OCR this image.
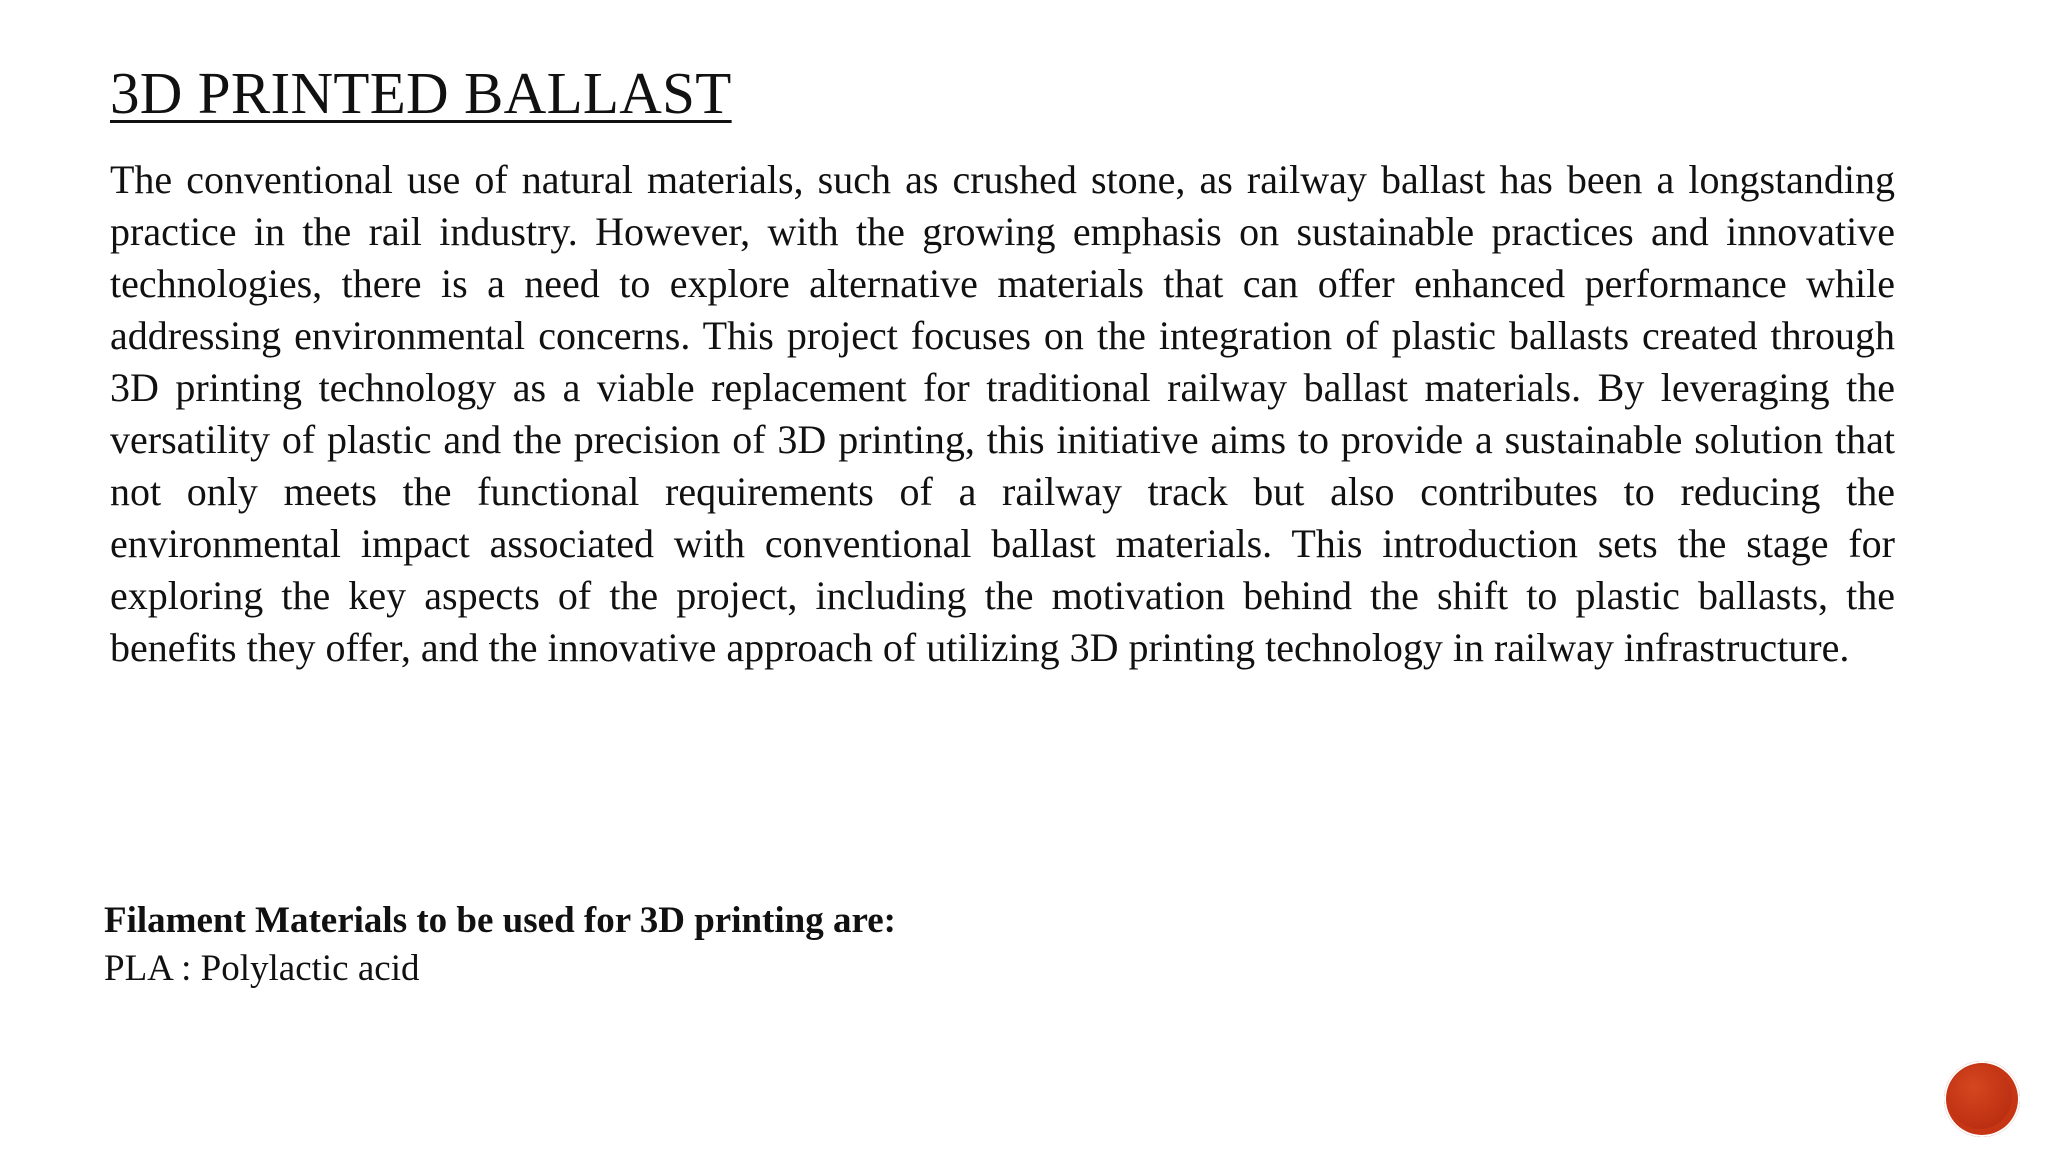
3D PRINTED BALLAST

The conventional use of natural materials, such as crushed stone, as railway ballast has been a longstanding practice in the rail industry. However, with the growing emphasis on sustainable practices and innovative technologies, there is a need to explore alternative materials that can offer enhanced performance while addressing environmental concerns. This project focuses on the integration of plastic ballasts created through 3D printing technology as a viable replacement for traditional railway ballast materials. By leveraging the versatility of plastic and the precision of 3D printing, this initiative aims to provide a sustainable solution that not only meets the functional requirements of a railway track but also contributes to reducing the environmental impact associated with conventional ballast materials. This introduction sets the stage for exploring the key aspects of the project, including the motivation behind the shift to plastic ballasts, the benefits they offer, and the innovative approach of utilizing 3D printing technology in railway infrastructure.

Filament Materials to be used for 3D printing are:

PLA : Polylactic acid
